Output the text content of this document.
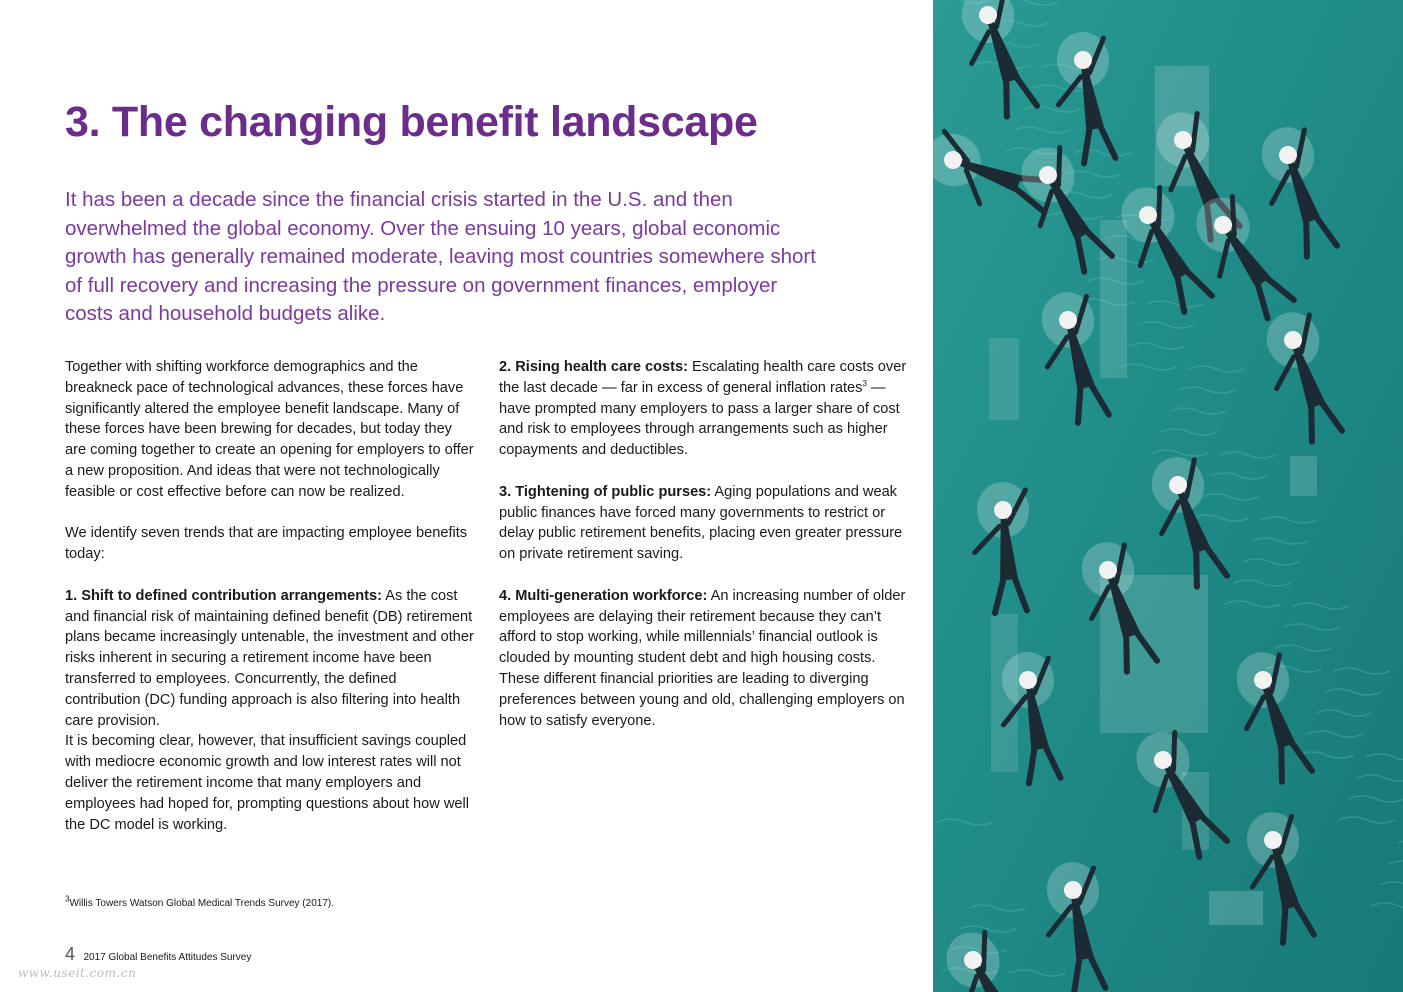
3. The changing benefit landscape

It has been a decade since the financial crisis started in the U.S. and then overwhelmed the global economy. Over the ensuing 10 years, global economic growth has generally remained moderate, leaving most countries somewhere short of full recovery and increasing the pressure on government finances, employer costs and household budgets alike.

Together with shifting workforce demographics and the breakneck pace of technological advances, these forces have significantly altered the employee benefit landscape. Many of these forces have been brewing for decades, but today they are coming together to create an opening for employers to offer a new proposition. And ideas that were not technologically feasible or cost effective before can now be realized.

We identify seven trends that are impacting employee benefits today:

1. Shift to defined contribution arrangements: As the cost and financial risk of maintaining defined benefit (DB) retirement plans became increasingly untenable, the investment and other risks inherent in securing a retirement income have been transferred to employees. Concurrently, the defined contribution (DC) funding approach is also filtering into health care provision.

It is becoming clear, however, that insufficient savings coupled with mediocre economic growth and low interest rates will not deliver the retirement income that many employers and employees had hoped for, prompting questions about how well the DC model is working.

2. Rising health care costs: Escalating health care costs over the last decade — far in excess of general inflation rates$^3$ — have prompted many employers to pass a larger share of cost and risk to employees through arrangements such as higher copayments and deductibles.

3. Tightening of public purses: Aging populations and weak public finances have forced many governments to restrict or delay public retirement benefits, placing even greater pressure on private retirement saving.

4. Multi-generation workforce: An increasing number of older employees are delaying their retirement because they can’t afford to stop working, while millennials’ financial outlook is clouded by mounting student debt and high housing costs. These different financial priorities are leading to diverging preferences between young and old, challenging employers on how to satisfy everyone.

$^3$Willis Towers Watson Global Medical Trends Survey (2017).
4 2017 Global Benefits Attitudes Survey
www.useit.com.cn
